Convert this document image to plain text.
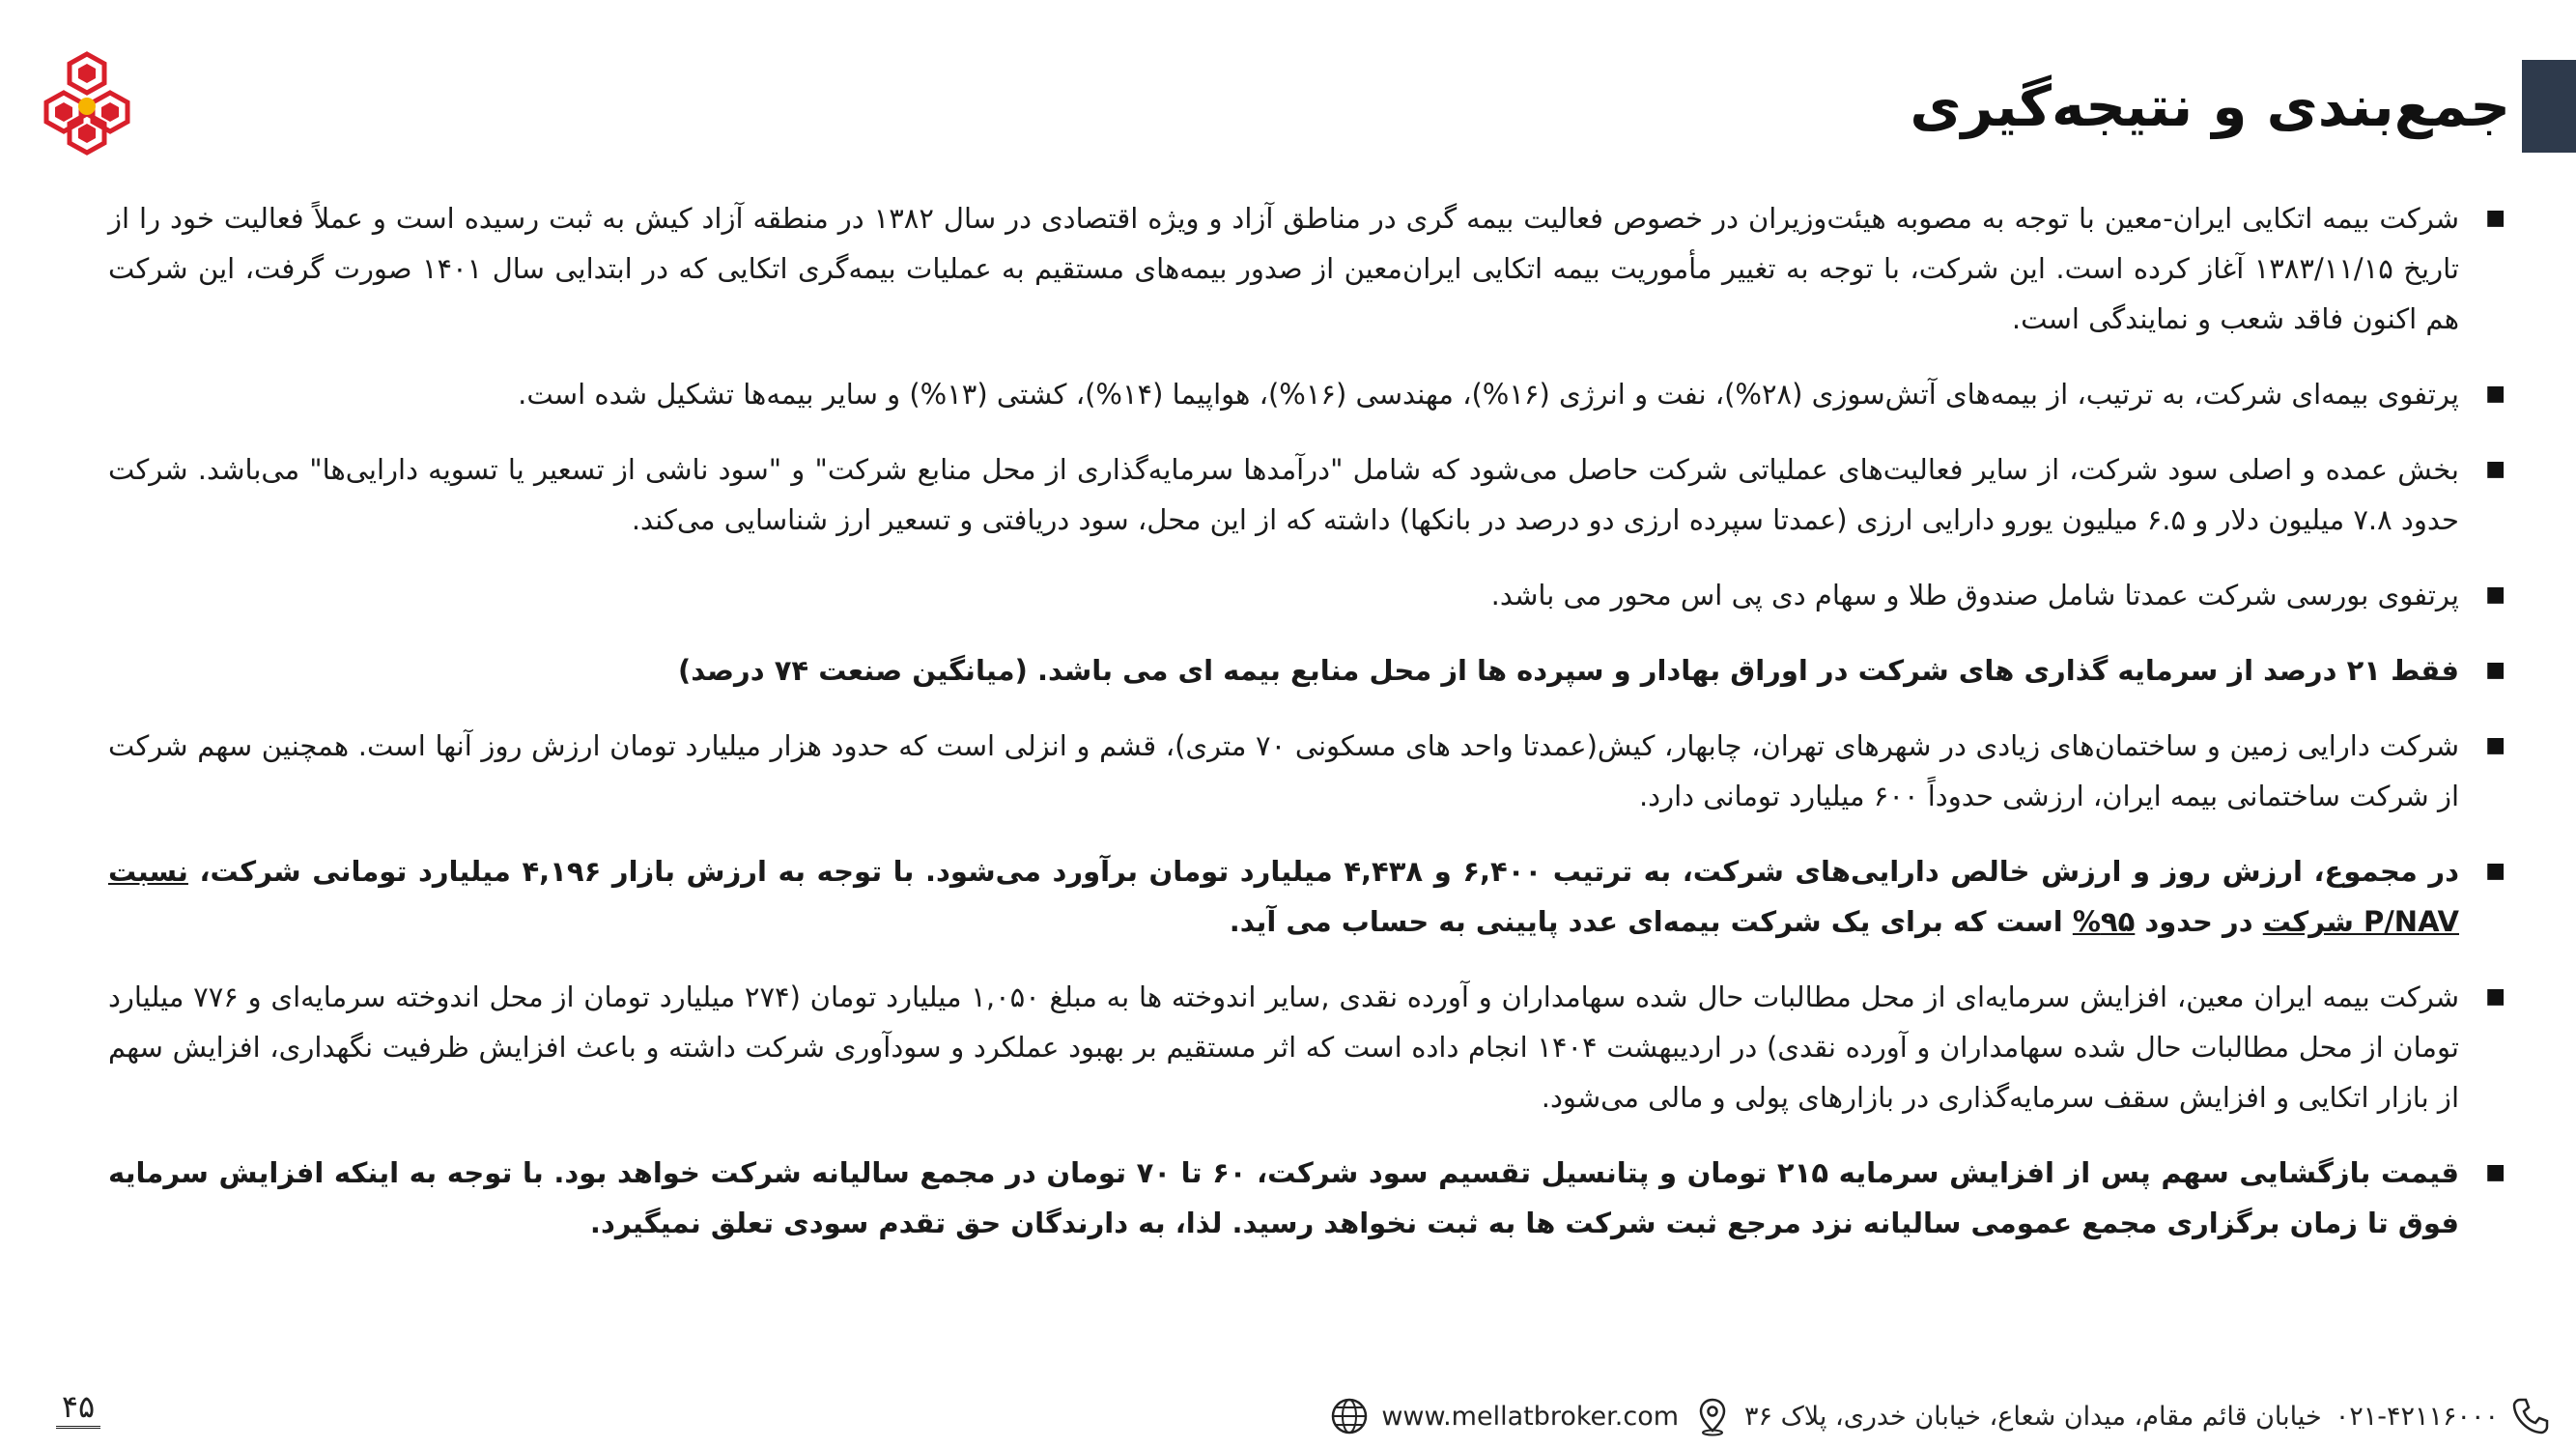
جمع‌بندی و نتیجه‌گیری
■
شرکت بیمه اتکایی ایران-معین با توجه به مصوبه هیئت‌وزیران در خصوص فعالیت بیمه گری در مناطق آزاد و ویژه اقتصادی در سال ۱۳۸۲ در منطقه آزاد کیش به ثبت رسیده است و عملاً فعالیت خود را از تاریخ ۱۳۸۳/۱۱/۱۵ آغاز کرده است. این شرکت، با توجه به تغییر مأموریت بیمه اتکایی ایران‌معین از صدور بیمه‌های مستقیم به عملیات بیمه‌گری اتکایی که در ابتدایی سال ۱۴۰۱ صورت گرفت، این شرکت هم اکنون فاقد شعب و نمایندگی است.
■
پرتفوی بیمه‌ای شرکت، به ترتیب، از بیمه‌های آتش‌سوزی (۲۸%)، نفت و انرژی (۱۶%)، مهندسی (۱۶%)، هواپیما (۱۴%)، کشتی (۱۳%) و سایر بیمه‌ها تشکیل شده است.
■
بخش عمده و اصلی سود شرکت، از سایر فعالیت‌های عملیاتی شرکت حاصل می‌شود که شامل "درآمدها سرمایه‌گذاری از محل منابع شرکت" و "سود ناشی از تسعیر یا تسویه دارایی‌ها" می‌باشد. شرکت حدود ۷.۸ میلیون دلار و ۶.۵ میلیون یورو دارایی ارزی (عمدتا سپرده ارزی دو درصد در بانکها) داشته که از این محل، سود دریافتی و تسعیر ارز شناسایی می‌کند.
■
پرتفوی بورسی شرکت عمدتا شامل صندوق طلا و سهام دی پی اس محور می باشد.
■
فقط ۲۱ درصد از سرمایه گذاری های شرکت در اوراق بهادار و سپرده ها از محل منابع بیمه ای می باشد. (میانگین صنعت ۷۴ درصد)
■
شرکت دارایی زمین و ساختمان‌های زیادی در شهرهای تهران، چابهار، کیش(عمدتا واحد های مسکونی ۷۰ متری)، قشم و انزلی است که حدود هزار میلیارد تومان ارزش روز آنها است. همچنین سهم شرکت از شرکت ساختمانی بیمه ایران، ارزشی حدوداً ۶۰۰ میلیارد تومانی دارد.
■
در مجموع، ارزش روز و ارزش خالص دارایی‌های شرکت، به ترتیب ۶,۴۰۰ و ۴,۴۳۸ میلیارد تومان برآورد می‌شود. با توجه به ارزش بازار ۴,۱۹۶ میلیارد تومانی شرکت، نسبت P/NAV شرکت در حدود ۹۵% است که برای یک شرکت بیمه‌ای عدد پایینی به حساب می آید.
■
شرکت بیمه ایران معین، افزایش سرمایه‌ای از محل مطالبات حال شده سهامداران و آورده نقدی ,سایر اندوخته ها به مبلغ ۱,۰۵۰ میلیارد تومان (۲۷۴ میلیارد تومان از محل اندوخته سرمایه‌ای و ۷۷۶ میلیارد تومان از محل مطالبات حال شده سهامداران و آورده نقدی) در اردیبهشت ۱۴۰۴ انجام داده است که اثر مستقیم بر بهبود عملکرد و سودآوری شرکت داشته و باعث افزایش ظرفیت نگهداری، افزایش سهم از بازار اتکایی و افزایش سقف سرمایه‌گذاری در بازارهای پولی و مالی می‌شود.
■
قیمت بازگشایی سهم پس از افزایش سرمایه ۲۱۵ تومان و پتانسیل تقسیم سود شرکت، ۶۰ تا ۷۰ تومان در مجمع سالیانه شرکت خواهد بود. با توجه به اینکه افزایش سرمایه فوق تا زمان برگزاری مجمع عمومی سالیانه نزد مرجع ثبت شرکت ها به ثبت نخواهد رسید. لذا، به دارندگان حق تقدم سودی تعلق نمیگیرد.
۴۵	۰۲۱-۴۲۱۱۶۰۰۰
خیابان قائم مقام، میدان شعاع، خیابان خدری، پلاک ۳۶
www.mellatbroker.com
